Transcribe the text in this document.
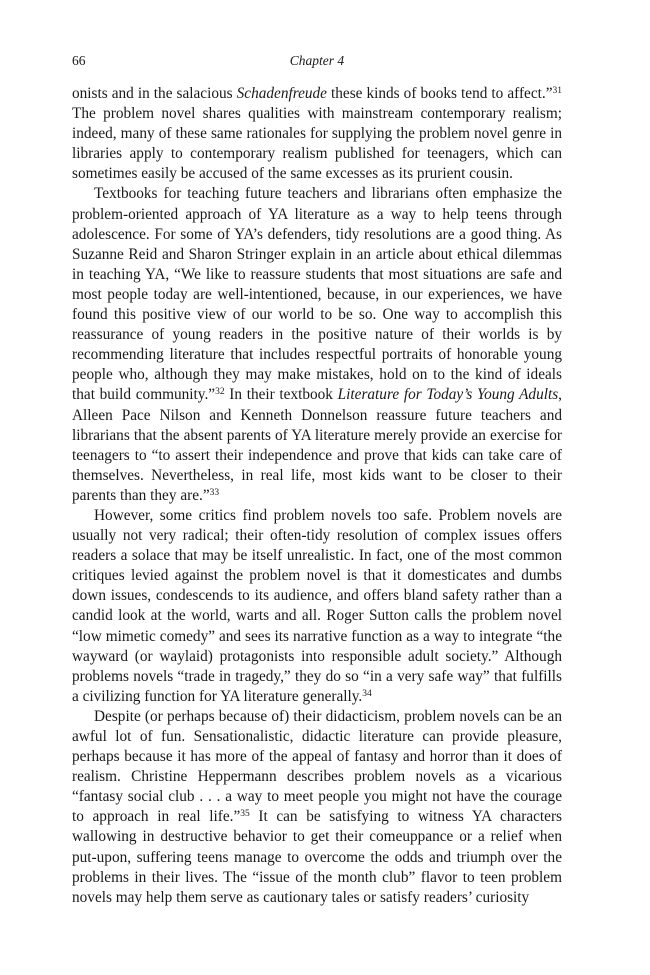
66	Chapter 4

onists and in the salacious Schadenfreude these kinds of books tend to affect.”$^{31}$ The problem novel shares qualities with mainstream contemporary realism; indeed, many of these same rationales for supplying the problem novel genre in libraries apply to contemporary realism published for teenagers, which can sometimes easily be accused of the same excesses as its prurient cousin.

Textbooks for teaching future teachers and librarians often emphasize the problem-oriented approach of YA literature as a way to help teens through adolescence. For some of YA’s defenders, tidy resolutions are a good thing. As Suzanne Reid and Sharon Stringer explain in an article about ethical dilemmas in teaching YA, “We like to reassure students that most situations are safe and most people today are well-intentioned, because, in our experiences, we have found this positive view of our world to be so. One way to accomplish this reassurance of young readers in the positive nature of their worlds is by recommending literature that includes respectful portraits of honorable young people who, although they may make mistakes, hold on to the kind of ideals that build community.”$^{32}$ In their textbook Literature for Today’s Young Adults, Alleen Pace Nilson and Kenneth Donnelson reassure future teachers and librarians that the absent parents of YA literature merely provide an exercise for teenagers to “to assert their independence and prove that kids can take care of themselves. Nevertheless, in real life, most kids want to be closer to their parents than they are.”$^{33}$

However, some critics find problem novels too safe. Problem novels are usually not very radical; their often-tidy resolution of complex issues offers readers a solace that may be itself unrealistic. In fact, one of the most common critiques levied against the problem novel is that it domesticates and dumbs down issues, condescends to its audience, and offers bland safety rather than a candid look at the world, warts and all. Roger Sutton calls the problem novel “low mimetic comedy” and sees its narrative function as a way to integrate “the wayward (or waylaid) protagonists into responsible adult society.” Although problems novels “trade in tragedy,” they do so “in a very safe way” that fulfills a civilizing function for YA literature generally.$^{34}$

Despite (or perhaps because of) their didacticism, problem novels can be an awful lot of fun. Sensationalistic, didactic literature can provide pleasure, perhaps because it has more of the appeal of fantasy and horror than it does of realism. Christine Heppermann describes problem novels as a vicarious “fantasy social club . . . a way to meet people you might not have the courage to approach in real life.”$^{35}$ It can be satisfying to witness YA characters wallowing in destructive behavior to get their comeuppance or a relief when put-upon, suffering teens manage to overcome the odds and triumph over the problems in their lives. The “issue of the month club” flavor to teen problem novels may help them serve as cautionary tales or satisfy readers’ curiosity
